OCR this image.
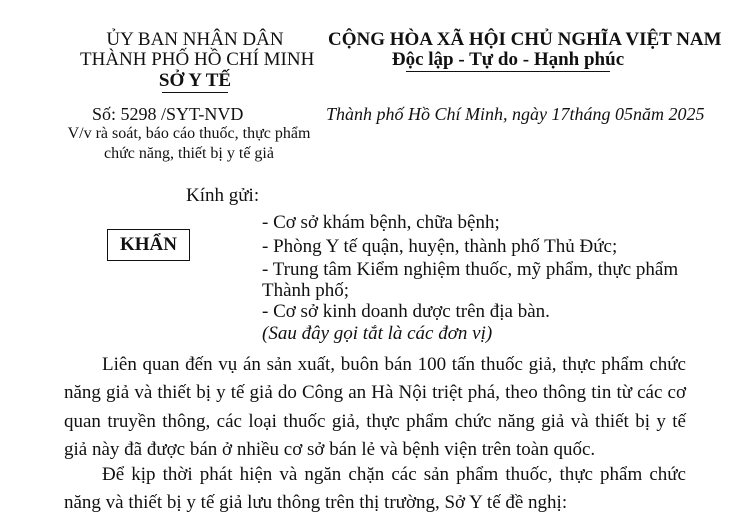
ỦY BAN NHÂN DÂN
THÀNH PHỐ HỒ CHÍ MINH
SỞ Y TẾ
CỘNG HÒA XÃ HỘI CHỦ NGHĨA VIỆT NAM
Độc lập - Tự do - Hạnh phúc
Số: 5298 /SYT-NVD
V/v rà soát, báo cáo thuốc, thực phẩm
chức năng, thiết bị y tế giả
Thành phố Hồ Chí Minh, ngày 17tháng 05năm 2025
Kính gửi:
KHẨN
- Cơ sở khám bệnh, chữa bệnh;
- Phòng Y tế quận, huyện, thành phố Thủ Đức;
- Trung tâm Kiểm nghiệm thuốc, mỹ phẩm, thực phẩm
Thành phố;
- Cơ sở kinh doanh dược trên địa bàn.
(Sau đây gọi tắt là các đơn vị)
Liên quan đến vụ án sản xuất, buôn bán 100 tấn thuốc giả, thực phẩm chức năng giả và thiết bị y tế giả do Công an Hà Nội triệt phá, theo thông tin từ các cơ quan truyền thông, các loại thuốc giả, thực phẩm chức năng giả và thiết bị y tế giả này đã được bán ở nhiều cơ sở bán lẻ và bệnh viện trên toàn quốc.
Để kịp thời phát hiện và ngăn chặn các sản phẩm thuốc, thực phẩm chức năng và thiết bị y tế giả lưu thông trên thị trường, Sở Y tế đề nghị:
